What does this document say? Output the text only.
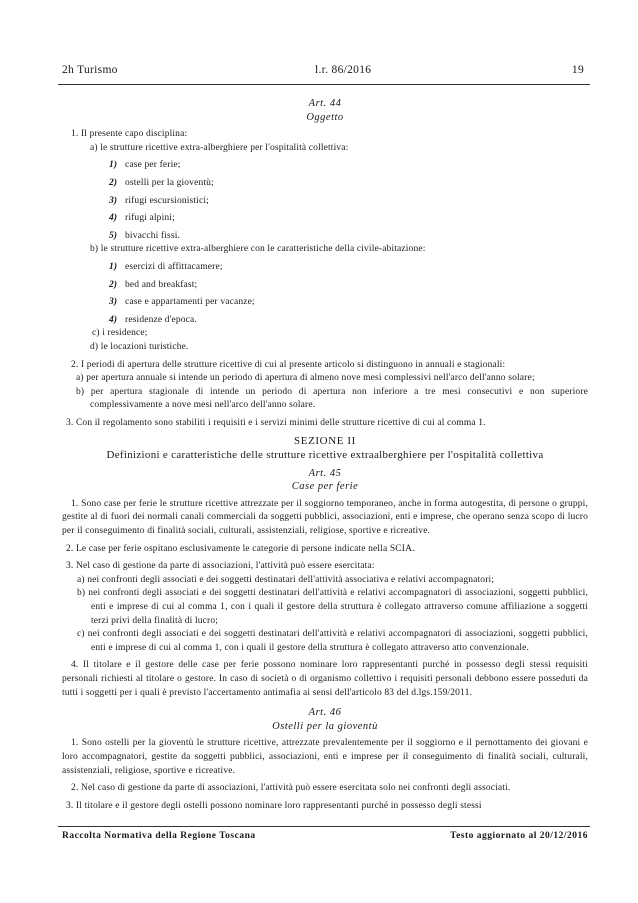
2h Turismo	l.r. 86/2016	19
Art. 44
Oggetto

1. Il presente capo disciplina:

a) le strutture ricettive extra-alberghiere per l'ospitalità collettiva:

1) case per ferie;

2) ostelli per la gioventù;

3) rifugi escursionistici;

4) rifugi alpini;

5) bivacchi fissi.

b) le strutture ricettive extra-alberghiere con le caratteristiche della civile-abitazione:

1) esercizi di affittacamere;

2) bed and breakfast;

3) case e appartamenti per vacanze;

4) residenze d'epoca.

c) i residence;

d) le locazioni turistiche.

2. I periodi di apertura delle strutture ricettive di cui al presente articolo si distinguono in annuali e stagionali:

a) per apertura annuale si intende un periodo di apertura di almeno nove mesi complessivi nell'arco dell'anno solare;

b) per apertura stagionale di intende un periodo di apertura non inferiore a tre mesi consecutivi e non superiore complessivamente a nove mesi nell'arco dell'anno solare.

3. Con il regolamento sono stabiliti i requisiti e i servizi minimi delle strutture ricettive di cui al comma 1.

SEZIONE II
Definizioni e caratteristiche delle strutture ricettive extraalberghiere per l'ospitalità collettiva
Art. 45
Case per ferie

1. Sono case per ferie le strutture ricettive attrezzate per il soggiorno temporaneo, anche in forma autogestita, di persone o gruppi, gestite al di fuori dei normali canali commerciali da soggetti pubblici, associazioni, enti e imprese, che operano senza scopo di lucro per il conseguimento di finalità sociali, culturali, assistenziali, religiose, sportive e ricreative.

2. Le case per ferie ospitano esclusivamente le categorie di persone indicate nella SCIA.

3. Nel caso di gestione da parte di associazioni, l'attività può essere esercitata:

a) nei confronti degli associati e dei soggetti destinatari dell'attività associativa e relativi accompagnatori;

b) nei confronti degli associati e dei soggetti destinatari dell'attività e relativi accompagnatori di associazioni, soggetti pubblici, enti e imprese di cui al comma 1, con i quali il gestore della struttura è collegato attraverso comune affiliazione a soggetti terzi privi della finalità di lucro;

c) nei confronti degli associati e dei soggetti destinatari dell'attività e relativi accompagnatori di associazioni, soggetti pubblici, enti e imprese di cui al comma 1, con i quali il gestore della struttura è collegato attraverso atto convenzionale.

4. Il titolare e il gestore delle case per ferie possono nominare loro rappresentanti purché in possesso degli stessi requisiti personali richiesti al titolare o gestore. In caso di società o di organismo collettivo i requisiti personali debbono essere posseduti da tutti i soggetti per i quali è previsto l'accertamento antimafia ai sensi dell'articolo 83 del d.lgs.159/2011.

Art. 46
Ostelli per la gioventù

1. Sono ostelli per la gioventù le strutture ricettive, attrezzate prevalentemente per il soggiorno e il pernottamento dei giovani e loro accompagnatori, gestite da soggetti pubblici, associazioni, enti e imprese per il conseguimento di finalità sociali, culturali, assistenziali, religiose, sportive e ricreative.

2. Nel caso di gestione da parte di associazioni, l'attività può essere esercitata solo nei confronti degli associati.

3. Il titolare e il gestore degli ostelli possono nominare loro rappresentanti purché in possesso degli stessi

Raccolta Normativa della Regione Toscana	Testo aggiornato al 20/12/2016
